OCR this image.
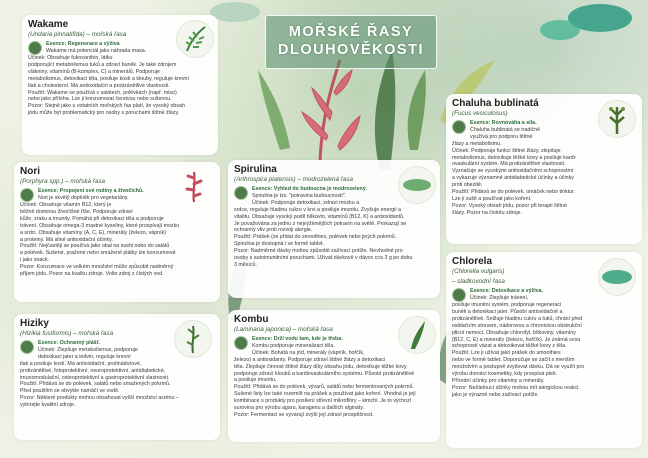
MOŘSKÉ ŘASY
DLOUHOVĚKOSTI
Wakame
(Undaria pinnatifida) – mořská řasa
Esence: Regenerace a výživa
Wakame má potenciál jako náhrada masa.
Účinek: Obsahuje fukoxanthin, látku
podporující metabolismus tuků a zdraví buněk. Je také zdrojem
vlákniny, vitamínů (B-komplex, C) a minerálů. Podporuje
metabolismus, detoxikaci těla, posiluje kosti a klouby, reguluje krevní
tlak a cholesterol. Má antioxidační a protizánětlivé vlastnosti.
Použití: Wakame se používá v salátech, polévkách (např. miso)
nebo jako příloha. Lze ji konzumovat čerstvou nebo sušenou.
Pozor: Stejně jako u ostatních mořských řas platí, že vysoký obsah
jódu může být problematický pro osoby s poruchami štítné žlázy.
Nori
(Porphyra spp.) – mořská řasa
Esence: Propojení své rodiny a živočichů.
Nori je skvělý doplněk pro vegetariány.
Účinek: Obsahuje vitamín B12, který je
běžně dominou živočišné říše. Podporuje zdraví
kůže, zraku a imunity. Pomáhá při detoxikaci těla a podporuje
trávení. Obsahuje omega-3 mastné kyseliny, které prospívají mozku
a srdci. Obsahuje vitamíny (A, C, E), minerály (železo, vápník)
a proteiny. Má silné antioxidační účinky.
Použití: Nejčastěji se používá jako obal na sushi nebo do salátů
a polévek. Sušené, pražené nebo smažené plátky lze konzumovat
i jako snack.
Pozor: Konzumace ve velkém množství může způsobit nadměrný
příjem jódu. Pozor na kvalitu zdroje. Volte zdroj z čistých vod.
Hiziky
(Hizikia fusiformis) – mořská řasa
Esence: Ochranný plášť.
Účinek: Zlepšuje metabolismus, podporuje
detoxikaci jater a ledvin, reguluje krevní
tlak a posiluje kosti. Má antioxidační, protinádorové,
protizánětlivé, fotoprotektivní, neuroprotektivní, antidiabetické,
imunomodulační, osteoprotektivní a gastroprotektivní vlastnosti.
Použití: Přidává se do polévek, salátů nebo smažených pokrmů.
Před použitím se obvykle namáčí ve vodě.
Pozor: Některé produkty mohou obsahovat vyšší množství arzénu –
vybírejte kvalitní zdroje.
Spirulina
(Arthrospira platensis) – modrozelená řasa
Esence: Vyhled do budoucna je modrozelený.
Spirulina je tzv. "potravina budoucnosti".
Účinek: Podporuje detoxikaci, zdraví mozku a
srdce, reguluje hladinu cukru v krvi a posiluje imunitu. Zvyšuje energii a
vitalitu. Obsahuje vysoký podíl bílkovin, vitamínů (B12, K) a antioxidantů.
Je považována za jednu z nejvýživnějších potravin na světě. Prokazují se
ochranný vliv proti rozvoji alergie.
Použití: Prášek (ze přidat do smoothies, polévek nebo jiných pokrmů.
Spirulina je dostupná i ve formě tablet.
Pozor: Nadměrné dávky mohou způsobit zažívací potíže. Nevhodné pro
osoby s autoimunitními poruchami. Užívat dávkově v dávce cca 3 g po dobu
3 měsíců.
Kombu
(Laminaria japonica) – mořská řasa
Esence: Drží vodu tam, kde je třeba.
Kombu podporuje mineralizaci těla.
Účinek: Bohatá na jód, minerály (vápník, hořčík,
železo) a antioxidanty. Podporuje zdraví štítné žlázy a detoxikaci
těla. Zlepšuje činnost štítné žlázy díky obsahu jódu, detoxikuje těžké kovy,
podporuje zdraví kloubů a kardiovaskulárního systému. Působí protizánětlivě
a posiluje imunitu.
Použití: Přidává se do polévek, vývarů, salátů nebo fermentovaných pokrmů.
Sušené listy lze také rozemlít na prášek a používat jako koření. Vhodná je její
kombinace s produkty pro posílení střevní mikroflóry – kimchi. Je to výchozí
surovina pro výrobu agaru, karagenu a dalších algináty.
Pozor: Fermentaci se vyvarují zvýší její zdraví prospěšnost.
Chaluha bublinatá
(Fucus vesiculosus)
Esence: Rovnováha a síla.
Chaluha bublinatá se tradičně
využívá pro podporu štítné
žlázy a metabolismu.
Účinek: Podporuje funkci štítné žlázy, zlepšuje
metabolismus, detoxikuje těžké kovy a posiluje kardi-
ovaskulární systém. Má protizánětlivé vlastnosti.
Vyznačuje se vysokými antioxidačními schopnostmi
a vykazuje významné antidiabetické účinky a účinky
proti obezitě.
Použití: Přidává se do polévek, omáček nebo tinktur.
Lze ji sušit a používat jako koření.
Pozor: Vysoký obsah jódu, pozor při terapii štítné
žlázy. Pozor na čistotu zdroje.
Chlorela
(Chlorella vulgaris)
– sladkovodní řasa
Esence: Detoxikace a výživa.
Účinek: Zlepšuje trávení,
posiluje imunitní systém, podporuje regeneraci
buněk a detoxikaci jater. Působí antioxidačně a
protizánětlivě. Snižuje hladinu cukru a tuků, chrání před
oxidačním stresem, nádorovou a chronickou obstrukční
plicní nemocí. Obsahuje chlorofyl, bílkoviny, vitamíny
(B12, C, E) a minerály (železo, hořčík). Je známá svou
schopností vázat a detoxikovat těžké kovy z těla.
Použití: Lze ji užívat jako prášek do smoothies
nebo ve formě tablet. Doporučuje se začít s menším
množstvím a postupně zvyšovat dávku. Dá se využít pro
výrobu domácí kosmetiky, kdy prospívá pleti.
Přírodní účinky pro vitaminy a minerály.
Pozor: Nežádoucí účinky mohou mít alergickou reakci,
jako je výrazné nebo zažívací potíže.
